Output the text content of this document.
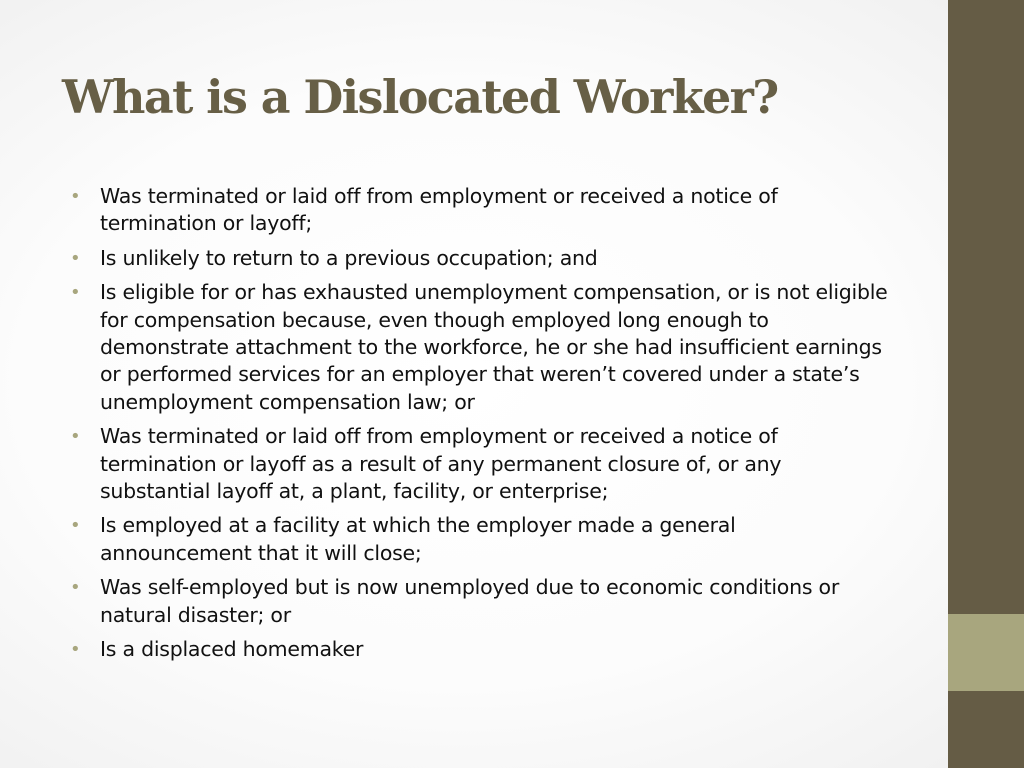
What is a Dislocated Worker?
• Was terminated or laid off from employment or received a notice of termination or layoff;
• Is unlikely to return to a previous occupation; and
• Is eligible for or has exhausted unemployment compensation, or is not eligible for compensation because, even though employed long enough to demonstrate attachment to the workforce, he or she had insufficient earnings or performed services for an employer that weren’t covered under a state’s unemployment compensation law; or
• Was terminated or laid off from employment or received a notice of termination or layoff as a result of any permanent closure of, or any substantial layoff at, a plant, facility, or enterprise;
• Is employed at a facility at which the employer made a general announcement that it will close;
• Was self-employed but is now unemployed due to economic conditions or natural disaster; or
• Is a displaced homemaker
